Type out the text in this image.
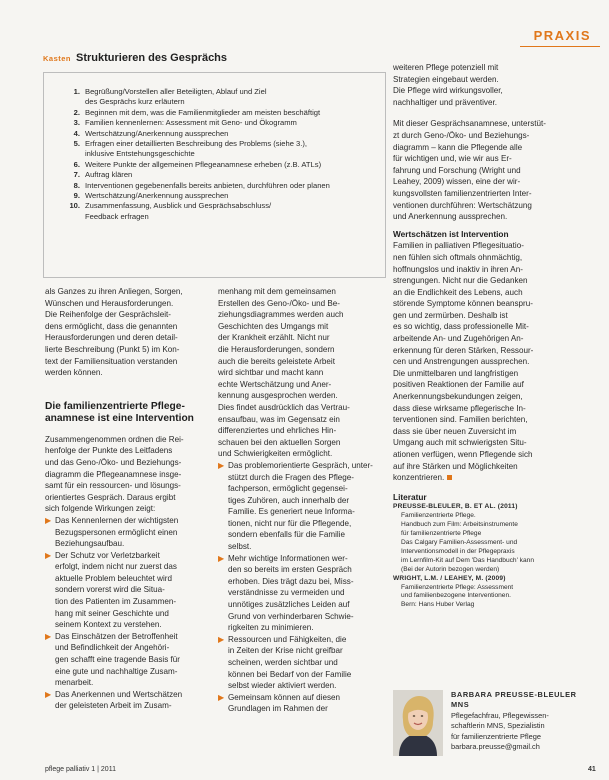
PRAXIS
Kasten Strukturieren des Gesprächs
1. Begrüßung/Vorstellen aller Beteiligten, Ablauf und Ziel
des Gesprächs kurz erläutern
2. Beginnen mit dem, was die Familienmitglieder am meisten beschäftigt
3. Familien kennenlernen: Assessment mit Geno- und Ökogramm
4. Wertschätzung/Anerkennung aussprechen
5. Erfragen einer detaillierten Beschreibung des Problems (siehe 3.),
inklusive Entstehungsgeschichte
6. Weitere Punkte der allgemeinen Pflegeanamnese erheben (z.B. ATLs)
7. Auftrag klären
8. Interventionen gegebenenfalls bereits anbieten, durchführen oder planen
9. Wertschätzung/Anerkennung aussprechen
10. Zusammenfassung, Ausblick und Gesprächsabschluss/
Feedback erfragen
als Ganzes zu ihren Anliegen, Sorgen,
Wünschen und Herausforderungen.
Die Reihenfolge der Gesprächsleit-
dens ermöglicht, dass die genannten
Herausforderungen und deren detail-
lierte Beschreibung (Punkt 5) im Kon-
text der Familiensituation verstanden
werden können.
Die familienzentrierte Pflege-
anamnese ist eine Intervention
Zusammengenommen ordnen die Rei-
henfolge der Punkte des Leitfadens
und das Geno-/Öko- und Beziehungs-
diagramm die Pflegeanamnese insge-
samt für ein ressourcen- und lösungs-
orientiertes Gespräch. Daraus ergibt
sich folgende Wirkungen zeigt:
▶ Das Kennenlernen der wichtigsten
Bezugspersonen ermöglicht einen
Beziehungsaufbau.
▶ Der Schutz vor Verletzbarkeit
erfolgt, indem nicht nur zuerst das
aktuelle Problem beleuchtet wird
sondern vorerst wird die Situa-
tion des Patienten im Zusammen-
hang mit seiner Geschichte und
seinem Kontext zu verstehen.
▶ Das Einschätzen der Betroffenheit
und Befindlichkeit der Angehöri-
gen schafft eine tragende Basis für
eine gute und nachhaltige Zusam-
menarbeit.
▶ Das Anerkennen und Wertschätzen
der geleisteten Arbeit im Zusam-
menhang mit dem gemeinsamen
Erstellen des Geno-/Öko- und Be-
ziehungsdiagrammes werden auch
Geschichten des Umgangs mit
der Krankheit erzählt. Nicht nur
die Herausforderungen, sondern
auch die bereits geleistete Arbeit
wird sichtbar und macht kann
echte Wertschätzung und Aner-
kennung ausgesprochen werden.
Dies findet ausdrücklich das Vertrau-
ensaufbau, was im Gegensatz ein
differenziertes und ehrliches Hin-
schauen bei den aktuellen Sorgen
und Schwierigkeiten ermöglicht.
▶ Das problemorientierte Gespräch, unter-
stützt durch die Fragen des Pflege-
fachperson, ermöglicht gegensei-
tiges Zuhören, auch innerhalb der
Familie. Es generiert neue Informa-
tionen, nicht nur für die Pflegende,
sondern ebenfalls für die Familie
selbst.
▶ Mehr wichtige Informationen wer-
den so bereits im ersten Gespräch
erhoben. Dies trägt dazu bei, Miss-
verständnisse zu vermeiden und
unnötiges zusätzliches Leiden auf
Grund von verhinderbaren Schwie-
rigkeiten zu minimieren.
▶ Ressourcen und Fähigkeiten, die
in Zeiten der Krise nicht greifbar
scheinen, werden sichtbar und
können bei Bedarf von der Familie
selbst wieder aktiviert werden.
▶ Gemeinsam können auf diesen
Grundlagen im Rahmen der
weiteren Pflege potenziell mit
Strategien eingebaut werden.
Die Pflege wird wirkungsvoller,
nachhaltiger und präventiver.
Mit dieser Gesprächsanamnese, unterstüt-
zt durch Geno-/Öko- und Beziehungs-
diagramm – kann die Pflegende alle
für wichtigen und, wie wir aus Er-
fahrung und Forschung (Wright und
Leahey, 2009) wissen, eine der wir-
kungsvollsten familienzentrierten Inter-
ventionen durchführen: Wertschätzung
und Anerkennung aussprechen.
Wertschätzen ist Intervention
Familien in palliativen Pflegesituatio-
nen fühlen sich oftmals ohnmächtig,
hoffnungslos und inaktiv in ihren An-
strengungen. Nicht nur die Gedanken
an die Endlichkeit des Lebens, auch
störende Symptome können beanspru-
gen und zermürben. Deshalb ist
es so wichtig, dass professionelle Mit-
arbeitende An- und Zugehörigen An-
erkennung für deren Stärken, Ressour-
cen und Anstrengungen aussprechen.
Die unmittelbaren und langfristigen
positiven Reaktionen der Familie auf
Anerkennungsbekundungen zeigen,
dass diese wirksame pflegerische In-
terventionen sind. Familien berichten,
dass sie über neuen Zuversicht im
Umgang auch mit schwierigsten Situ-
ationen verfügen, wenn Pflegende sich
auf ihre Stärken und Möglichkeiten
konzentrieren.
Literatur
PREUSSE-BLEULER, B. ET AL. (2011)
Familienzentrierte Pflege.
Handbuch zum Film: Arbeitsinstrumente
für familienzentrierte Pflege
Das Calgary Familien-Assessment- und
Interventionsmodell in der Pflegepraxis
im Lernfilm-Kit auf Dem 'Das Handbuch' kann
(Bei der Autorin bezogen werden)
WRIGHT, L.M. / LEAHEY, M. (2009)
Familienzentrierte Pflege: Assessment
und familienbezogene Interventionen.
Bern: Hans Huber Verlag
BARBARA PREUSSE-BLEULER
MNS
Pflegefachfrau, Pflegewissen-
schaftlerin MNS, Spezialistin
für familienzentrierte Pflege
barbara.preusse@gmail.ch
pflege palliativ 1 | 2011	41
